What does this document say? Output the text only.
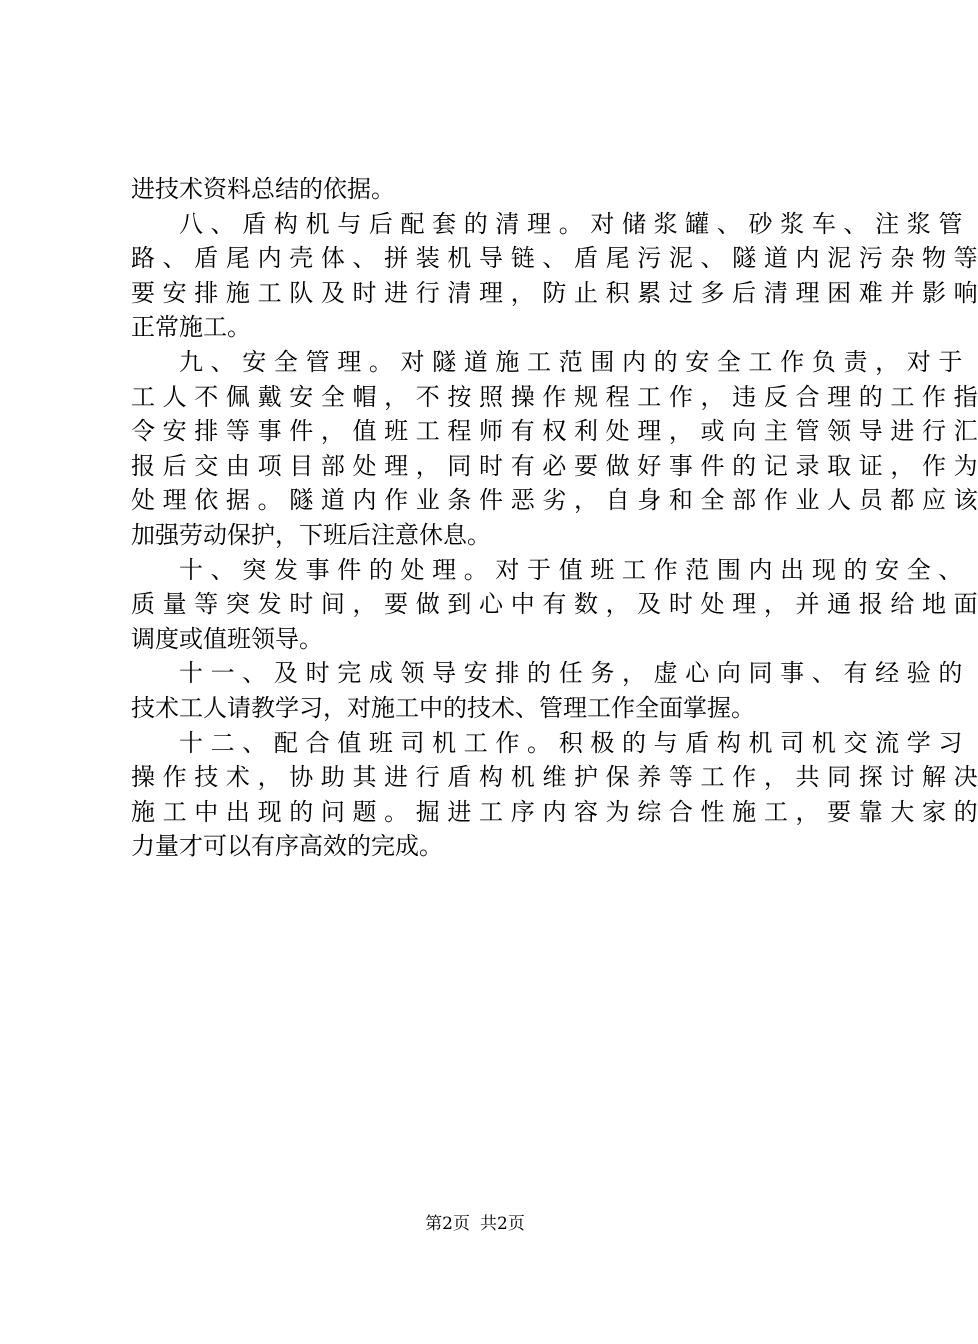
进技术资料总结的依据。
八 、 盾 构 机 与 后 配 套 的 清 理 。 对 储 浆 罐 、 砂 浆 车 、 注 浆 管
路 、 盾 尾 内 壳 体 、 拼 装 机 导 链 、 盾 尾 污 泥 、 隧 道 内 泥 污 杂 物 等
要 安 排 施 工 队 及 时 进 行 清 理 ， 防 止 积 累 过 多 后 清 理 困 难 并 影 响
正常施工。
九 、 安 全 管 理 。 对 隧 道 施 工 范 围 内 的 安 全 工 作 负 责 ， 对 于
工 人 不 佩 戴 安 全 帽 ， 不 按 照 操 作 规 程 工 作 ， 违 反 合 理 的 工 作 指
令 安 排 等 事 件 ， 值 班 工 程 师 有 权 利 处 理 ， 或 向 主 管 领 导 进 行 汇
报 后 交 由 项 目 部 处 理 ， 同 时 有 必 要 做 好 事 件 的 记 录 取 证 ， 作 为
处 理 依 据 。 隧 道 内 作 业 条 件 恶 劣 ， 自 身 和 全 部 作 业 人 员 都 应 该
加强劳动保护，下班后注意休息。
十 、 突 发 事 件 的 处 理 。 对 于 值 班 工 作 范 围 内 出 现 的 安 全 、
质 量 等 突 发 时 间 ， 要 做 到 心 中 有 数 ， 及 时 处 理 ， 并 通 报 给 地 面
调度或值班领导。
十 一 、 及 时 完 成 领 导 安 排 的 任 务 ， 虚 心 向 同 事 、 有 经 验 的
技术工人请教学习，对施工中的技术、管理工作全面掌握。
十 二 、 配 合 值 班 司 机 工 作 。 积 极 的 与 盾 构 机 司 机 交 流 学 习
操 作 技 术 ， 协 助 其 进 行 盾 构 机 维 护 保 养 等 工 作 ， 共 同 探 讨 解 决
施 工 中 出 现 的 问 题 。 掘 进 工 序 内 容 为 综 合 性 施 工 ， 要 靠 大 家 的
力量才可以有序高效的完成。
第2页 共2页
